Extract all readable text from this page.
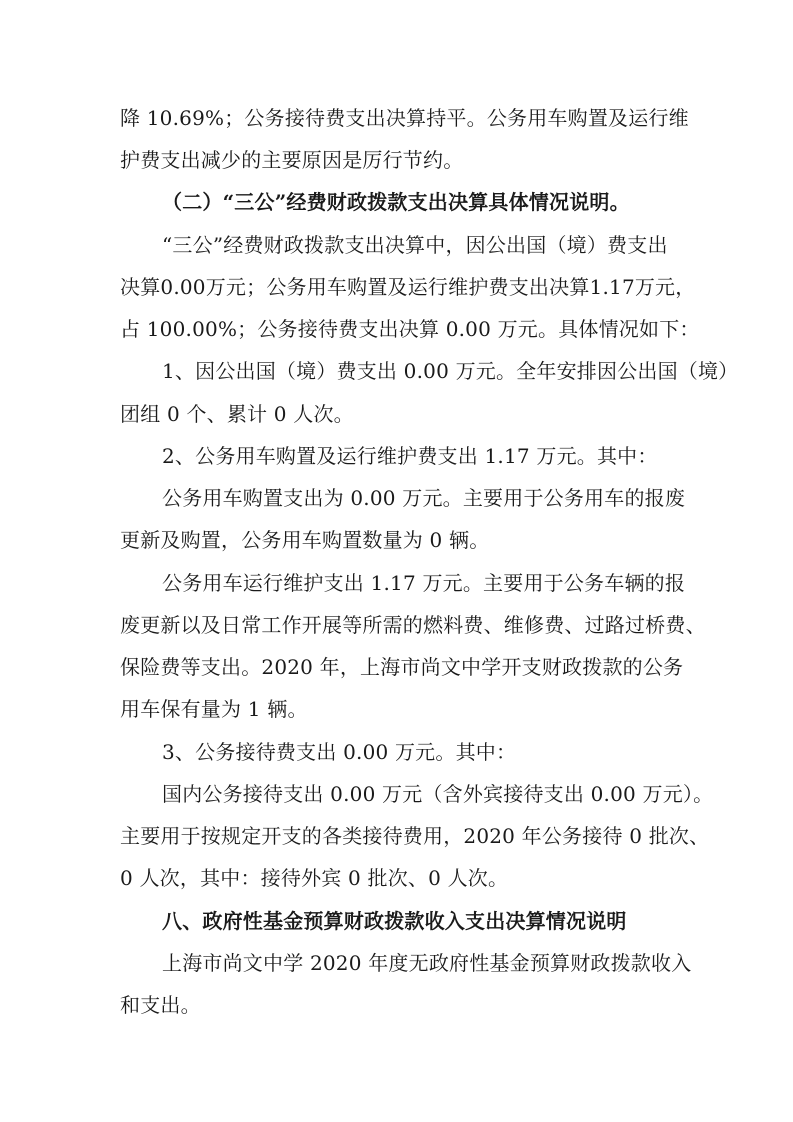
降 10.69%；公务接待费支出决算持平。公务用车购置及运行维
护费支出减少的主要原因是厉行节约。
（二）“三公”经费财政拨款支出决算具体情况说明。
“三公”经费财政拨款支出决算中，因公出国（境）费支出
决算0.00万元；公务用车购置及运行维护费支出决算1.17万元，
占 100.00%；公务接待费支出决算 0.00 万元。具体情况如下：
1、因公出国（境）费支出 0.00 万元。全年安排因公出国（境）
团组 0 个、累计 0 人次。
2、公务用车购置及运行维护费支出 1.17 万元。其中：
公务用车购置支出为 0.00 万元。主要用于公务用车的报废
更新及购置，公务用车购置数量为 0 辆。
公务用车运行维护支出 1.17 万元。主要用于公务车辆的报
废更新以及日常工作开展等所需的燃料费、维修费、过路过桥费、
保险费等支出。2020 年，上海市尚文中学开支财政拨款的公务
用车保有量为 1 辆。
3、公务接待费支出 0.00 万元。其中：
国内公务接待支出 0.00 万元（含外宾接待支出 0.00 万元）。
主要用于按规定开支的各类接待费用，2020 年公务接待 0 批次、
0 人次，其中：接待外宾 0 批次、0 人次。
八、政府性基金预算财政拨款收入支出决算情况说明
上海市尚文中学 2020 年度无政府性基金预算财政拨款收入
和支出。
